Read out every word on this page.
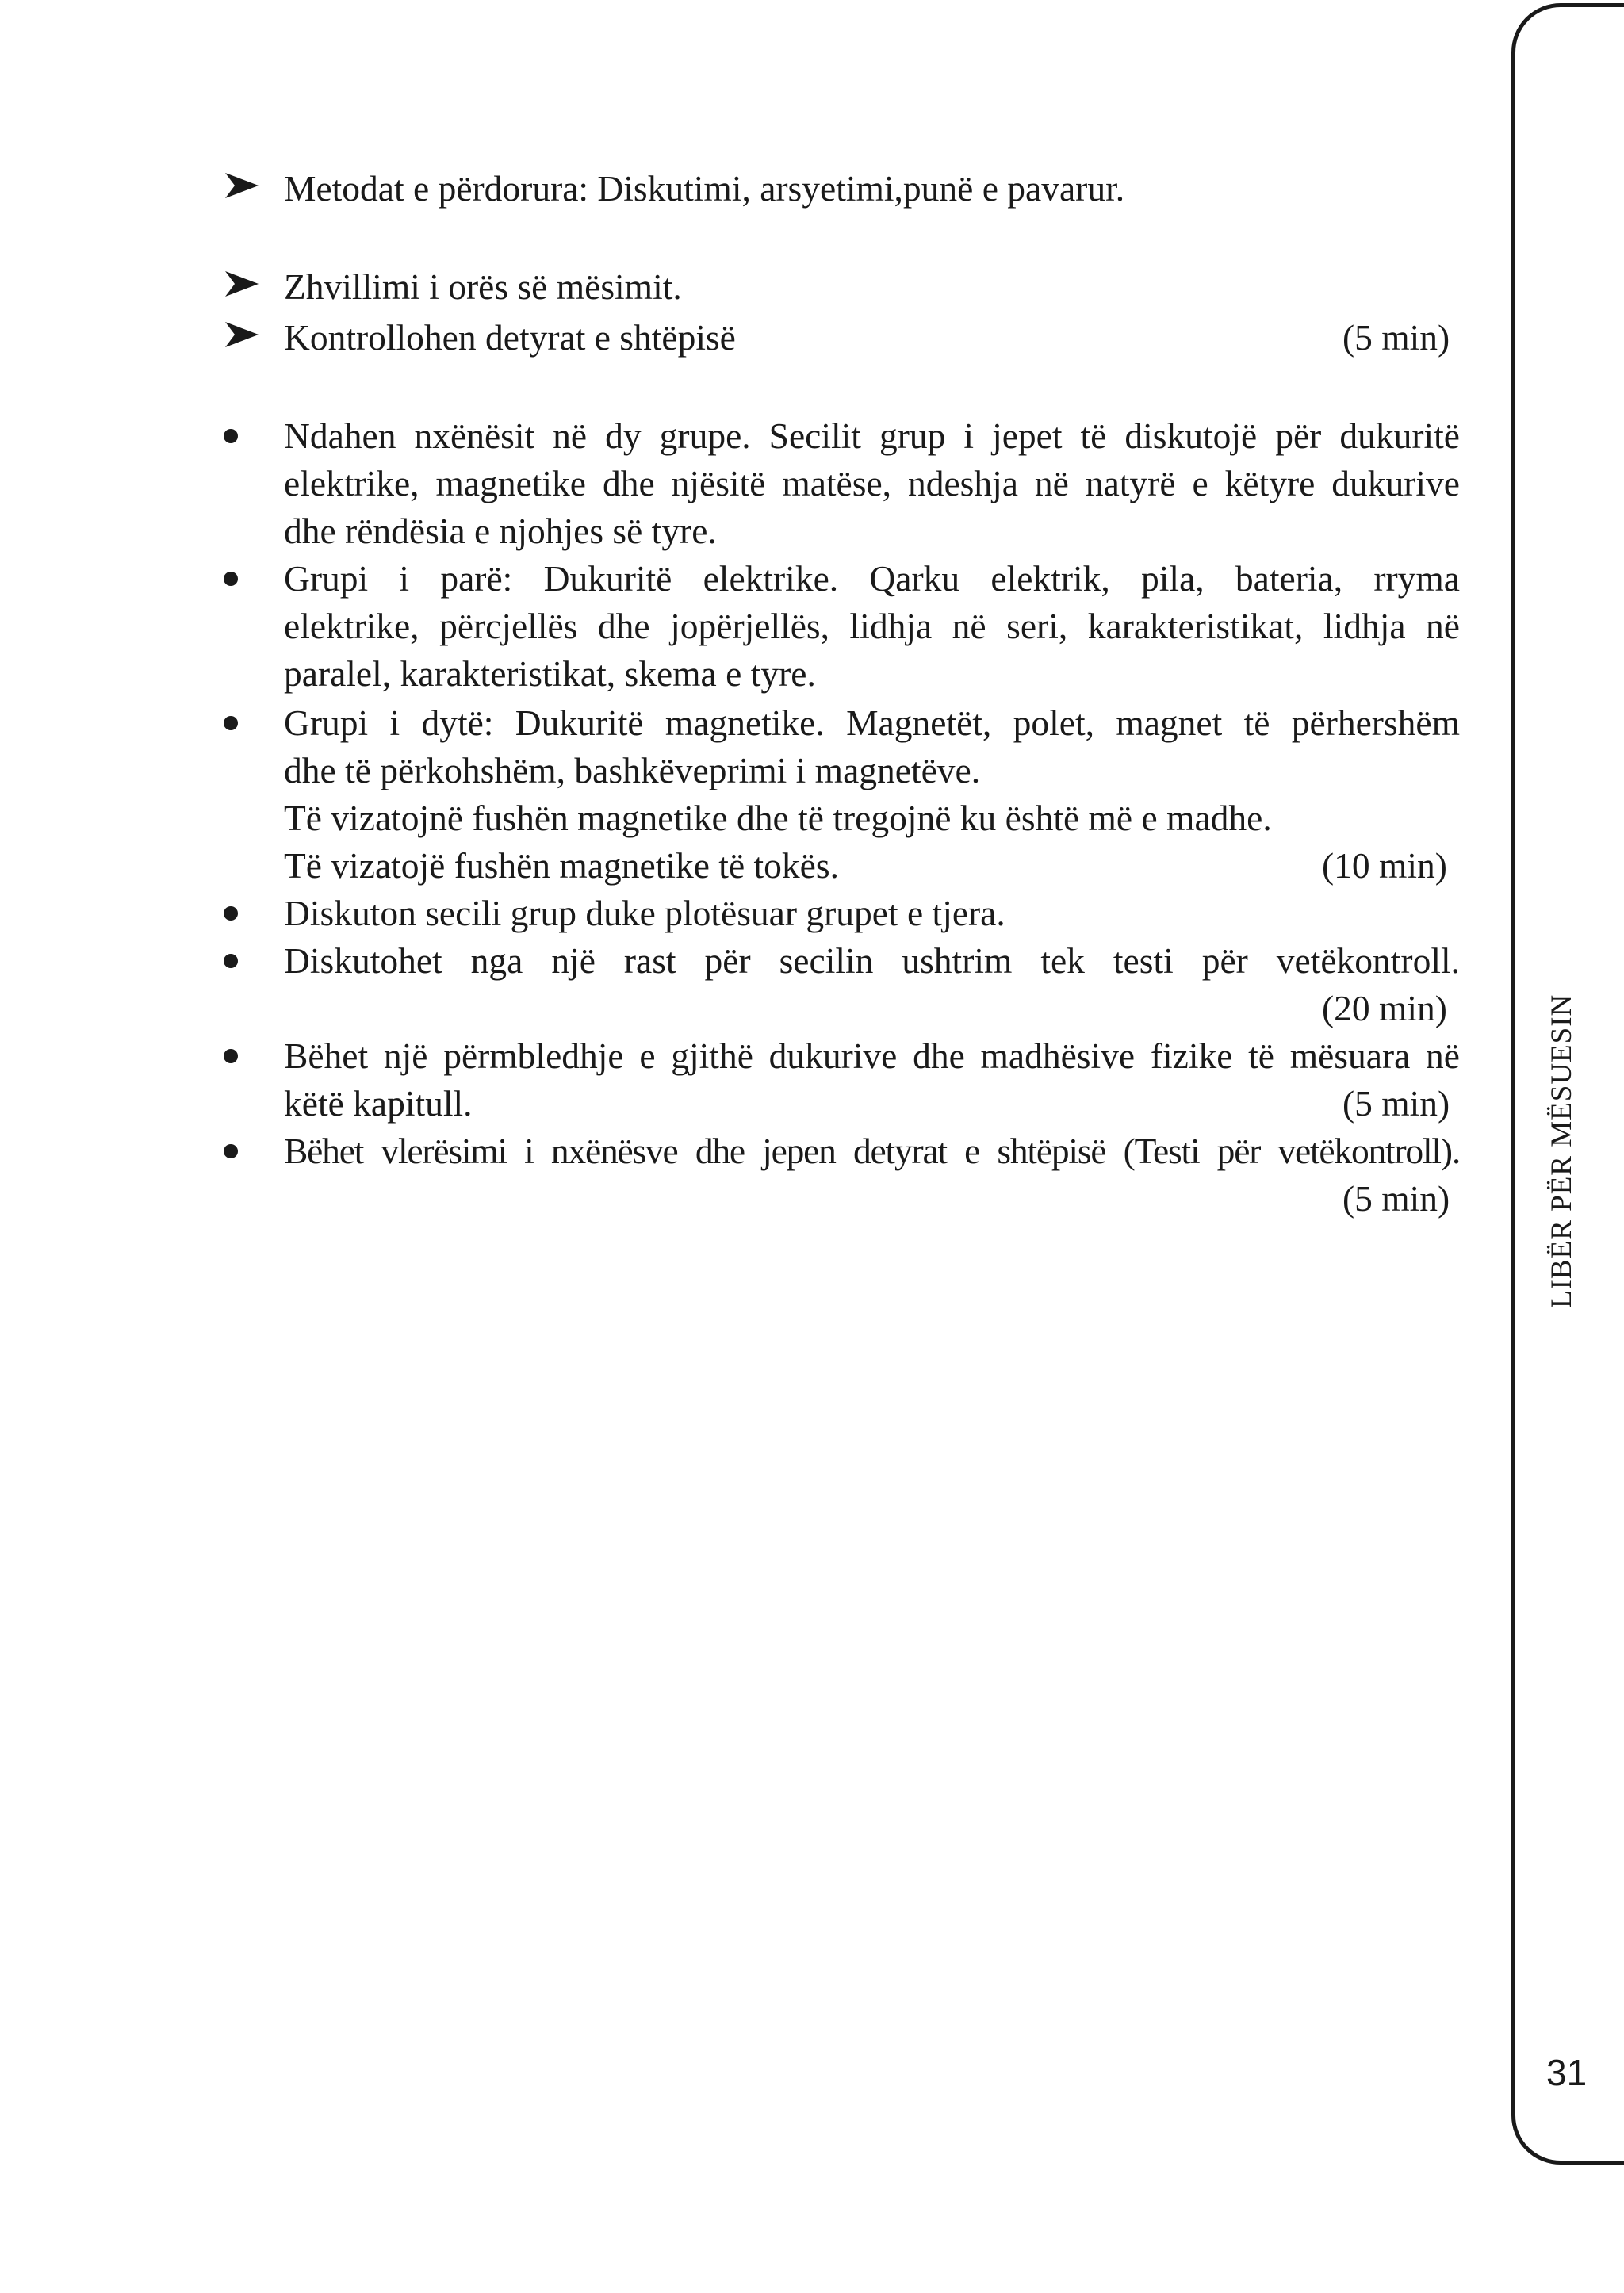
Metodat e përdorura: Diskutimi, arsyetimi,punë e pavarur.
Zhvillimi i orës së mësimit.
Kontrollohen detyrat e shtëpisë	(5 min)
Ndahen nxënësit në dy grupe. Secilit grup i jepet të diskutojë për dukuritë
elektrike, magnetike dhe njësitë matëse, ndeshja në natyrë e këtyre dukurive
dhe rëndësia e njohjes së tyre.
Grupi i parë: Dukuritë elektrike. Qarku elektrik, pila, bateria, rryma
elektrike, përcjellës dhe jopërjellës, lidhja në seri, karakteristikat, lidhja në
paralel, karakteristikat, skema e tyre.
Grupi i dytë: Dukuritë magnetike. Magnetët, polet, magnet të përhershëm
dhe të përkohshëm, bashkëveprimi i magnetëve.
Të vizatojnë fushën magnetike dhe të tregojnë ku është më e madhe.
Të vizatojë fushën magnetike të tokës.	(10 min)
Diskuton secili grup duke plotësuar grupet e tjera.
Diskutohet nga një rast për secilin ushtrim tek testi për vetëkontroll.
(20 min)
Bëhet një përmbledhje e gjithë dukurive dhe madhësive fizike të mësuara në
këtë kapitull.	(5 min)
Bëhet vlerësimi i nxënësve dhe jepen detyrat e shtëpisë (Testi për vetëkontroll).
(5 min)	LIBËR PËR MËSUESIN
31
